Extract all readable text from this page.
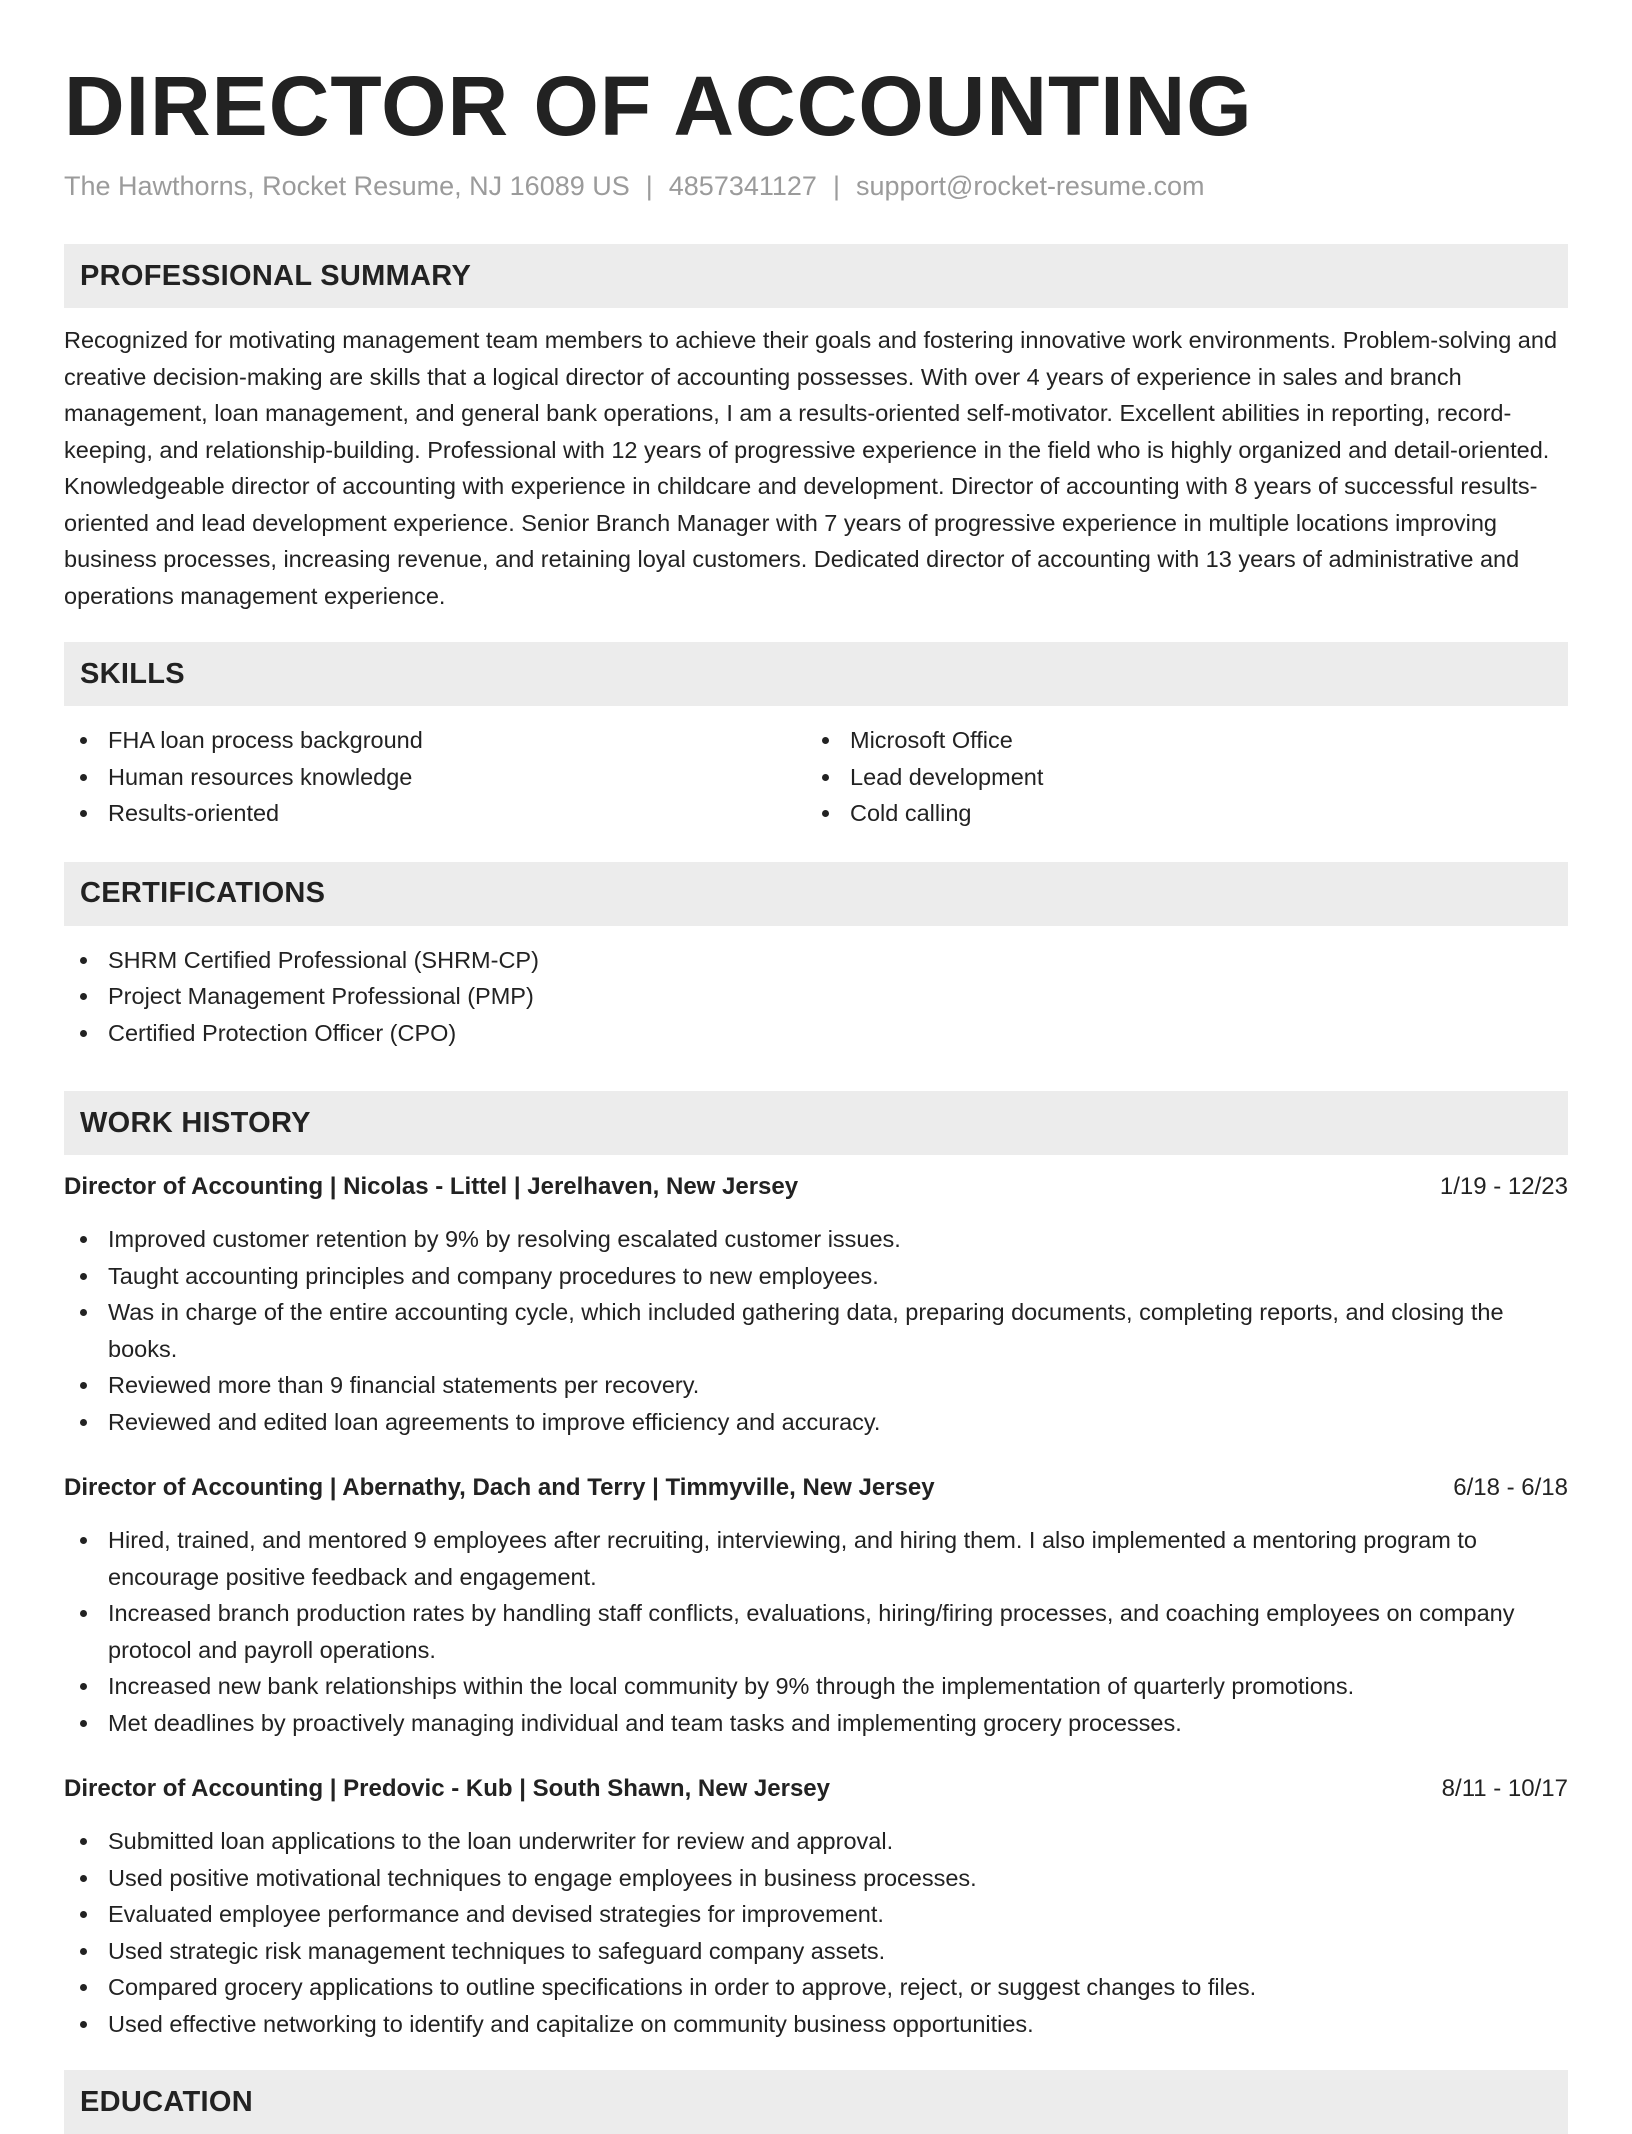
DIRECTOR OF ACCOUNTING
The Hawthorns, Rocket Resume, NJ 16089 US | 4857341127 | support@rocket-resume.com
PROFESSIONAL SUMMARY

Recognized for motivating management team members to achieve their goals and fostering innovative work environments. Problem-solving and creative decision-making are skills that a logical director of accounting possesses. With over 4 years of experience in sales and branch management, loan management, and general bank operations, I am a results-oriented self-motivator. Excellent abilities in reporting, record-keeping, and relationship-building. Professional with 12 years of progressive experience in the field who is highly organized and detail-oriented. Knowledgeable director of accounting with experience in childcare and development. Director of accounting with 8 years of successful results-oriented and lead development experience. Senior Branch Manager with 7 years of progressive experience in multiple locations improving business processes, increasing revenue, and retaining loyal customers. Dedicated director of accounting with 13 years of administrative and operations management experience.

SKILLS
FHA loan process background
Human resources knowledge
Results-oriented
Microsoft Office
Lead development
Cold calling
CERTIFICATIONS
SHRM Certified Professional (SHRM-CP)
Project Management Professional (PMP)
Certified Protection Officer (CPO)
WORK HISTORY
Director of Accounting | Nicolas - Littel | Jerelhaven, New Jersey	1/19 - 12/23
Improved customer retention by 9% by resolving escalated customer issues.
Taught accounting principles and company procedures to new employees.
Was in charge of the entire accounting cycle, which included gathering data, preparing documents, completing reports, and closing the books.
Reviewed more than 9 financial statements per recovery.
Reviewed and edited loan agreements to improve efficiency and accuracy.
Director of Accounting | Abernathy, Dach and Terry | Timmyville, New Jersey	6/18 - 6/18
Hired, trained, and mentored 9 employees after recruiting, interviewing, and hiring them. I also implemented a mentoring program to encourage positive feedback and engagement.
Increased branch production rates by handling staff conflicts, evaluations, hiring/firing processes, and coaching employees on company protocol and payroll operations.
Increased new bank relationships within the local community by 9% through the implementation of quarterly promotions.
Met deadlines by proactively managing individual and team tasks and implementing grocery processes.
Director of Accounting | Predovic - Kub | South Shawn, New Jersey	8/11 - 10/17
Submitted loan applications to the loan underwriter for review and approval.
Used positive motivational techniques to engage employees in business processes.
Evaluated employee performance and devised strategies for improvement.
Used strategic risk management techniques to safeguard company assets.
Compared grocery applications to outline specifications in order to approve, reject, or suggest changes to files.
Used effective networking to identify and capitalize on community business opportunities.
EDUCATION
